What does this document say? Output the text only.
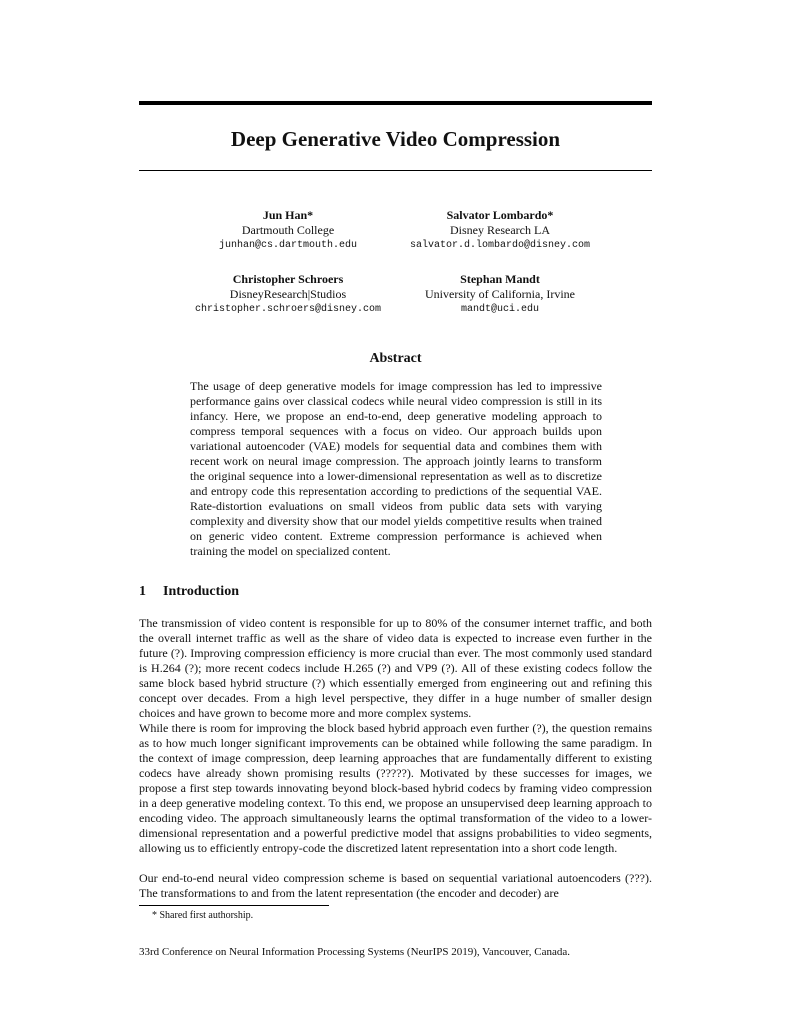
Deep Generative Video Compression
Jun Han*
Dartmouth College
junhan@cs.dartmouth.edu
Salvator Lombardo*
Disney Research LA
salvator.d.lombardo@disney.com
Christopher Schroers
DisneyResearch|Studios
christopher.schroers@disney.com
Stephan Mandt
University of California, Irvine
mandt@uci.edu
Abstract

The usage of deep generative models for image compression has led to impressive performance gains over classical codecs while neural video compression is still in its infancy. Here, we propose an end-to-end, deep generative modeling approach to compress temporal sequences with a focus on video. Our approach builds upon variational autoencoder (VAE) models for sequential data and combines them with recent work on neural image compression. The approach jointly learns to transform the original sequence into a lower-dimensional representation as well as to discretize and entropy code this representation according to predictions of the sequential VAE. Rate-distortion evaluations on small videos from public data sets with varying complexity and diversity show that our model yields competitive results when trained on generic video content. Extreme compression performance is achieved when training the model on specialized content.

1 Introduction

The transmission of video content is responsible for up to 80% of the consumer internet traffic, and both the overall internet traffic as well as the share of video data is expected to increase even further in the future (?). Improving compression efficiency is more crucial than ever. The most commonly used standard is H.264 (?); more recent codecs include H.265 (?) and VP9 (?). All of these existing codecs follow the same block based hybrid structure (?) which essentially emerged from engineering out and refining this concept over decades. From a high level perspective, they differ in a huge number of smaller design choices and have grown to become more and more complex systems.

While there is room for improving the block based hybrid approach even further (?), the question remains as to how much longer significant improvements can be obtained while following the same paradigm. In the context of image compression, deep learning approaches that are fundamentally different to existing codecs have already shown promising results (?????). Motivated by these successes for images, we propose a first step towards innovating beyond block-based hybrid codecs by framing video compression in a deep generative modeling context. To this end, we propose an unsupervised deep learning approach to encoding video. The approach simultaneously learns the optimal transformation of the video to a lower-dimensional representation and a powerful predictive model that assigns probabilities to video segments, allowing us to efficiently entropy-code the discretized latent representation into a short code length.

Our end-to-end neural video compression scheme is based on sequential variational autoencoders (???). The transformations to and from the latent representation (the encoder and decoder) are

* Shared first authorship.
33rd Conference on Neural Information Processing Systems (NeurIPS 2019), Vancouver, Canada.
